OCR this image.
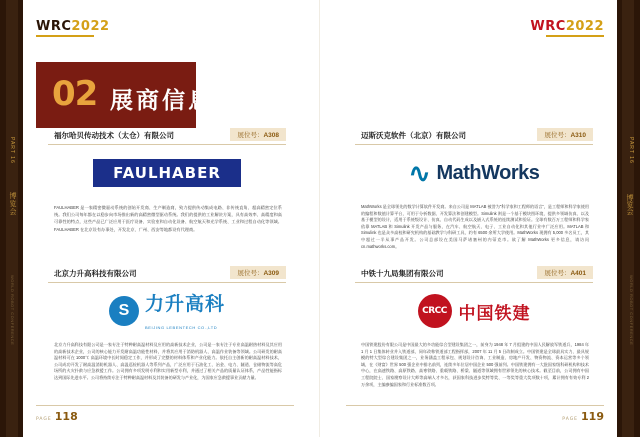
PART 16
博览会
WORLD ROBOT CONFERENCE
PART 16
博览会
WORLD ROBOT CONFERENCE
WRC2022	WRC2022
02 展商信息
福尔哈贝传动技术（太仓）有限公司	展位号：A308
FAULHABER
FAULHABER 是一家精密微驱动系统的创始开发商、生产制造商，致力提供传动集成电路、非传统直角、超高精密定位系统。我们公司每年都在以稳步向市场推出新的高精密微型驱动系统。我们的提供的工业解决方案，具有高效率、高精度和高可靠性的特点，这些产品已广泛应用于医疗设备、实验室和自动化设备、航空航天和光学系统、工业和过程自动化等领域。FAULHABER 在北京设有办事处，开发北京、广州、西安等地都设有代理商。
迈斯沃克软件（北京）有限公司	展位号：A310
∿ MathWorks
MathWorks 是全球领先的数学计算软件开发商。来自公司是 MATLAB 被誉为“科学家和工程师的语言”，是工程师和科学家使用的编程和数值计算平台，可用于分析数据、开发算法和创建模型。Simulink 则是一个基于模块图环境，提供多领域仿真、以及基于模型的设计，适用于系统级设计、仿真、自动代码生成以及嵌入式系统的连续测试和验证。全球有数百万工程师和科学家依靠 MATLAB 和 Simulink 开发产品与服务，在汽车、航空航天、电子、工业自动化和其他行业中广泛应用。MATLAB 和 Simulink 也是众多高校和研究机构的基础教学与科研工具，约有 6500 余所大学使用。MathWorks 现拥有 5,000 多名员工，其中超过一半从事产品开发。公司总部设在美国马萨诸塞州的内蒂克市。欲了解 MathWorks 更多信息，请访问 cn.mathworks.com。
北京力升高科技有限公司	展位号：A309
S 力升高科
BEIJING LEBENTECH CO.,LTD
北京力升高科技有限公司是一家专注于特种耐高温材料及应用的高新技术企业，公司是一家专注于专业高温耐热材料及其应用的高新技术企业，公司的核心能力开发耐高温功能性材料，并将其应用于消防机器人、高温作业装备等领域。公司研发的耐高温材料可在 1000℃ 高温环境中长时间稳定工作，并形成了完整的材料体系和产业化能力。依托自主创新的耐高温材料技术，公司成功开发了耐高温消防机器人、高温巡检机器人等系列产品，广泛应用于石油化工、冶金、电力、隧道、仓储物流等高危场所的火灾扑救与应急救援工作。公司拥有多项发明专利和实用新型专利，并通过了相关产品的质量认证体系，产品性能指标达到国际先进水平。公司将持续专注于特种耐高温材料及其装备的研发与产业化，为国家应急救援事业贡献力量。
中铁十九局集团有限公司	展位号：A401
CRCC 中国铁建
中国铁建股份有限公司是中国最大的多功能综合型建设集团之一，前身为 1948 年 7 月组建的中国人民解放军铁道兵，1984 年 1 月 1 日集体转业并入铁道部，同年改称铁道部工程指挥部，2007 年 11 月 5 日改制成立。中国铁建是全球最具实力、最具规模的特大型综合建设集团之一，业务涵盖工程承包、规划设计咨询、工业制造、房地产开发、物资物流、资本运营等多个领域，在《财富》世界 500 强企业中排名前列，连续多年位居中国企业 500 强前列。中国铁建拥有一大批国家级科研机构和技术中心，在高速铁路、高原铁路、高寒铁路、重载铁路、桥梁、隧道等领域拥有世界领先的核心技术。截至目前，公司拥有中国工程院院士、国家勘察设计大师等高端人才多名，获国家科技进步奖特等奖、一等奖等重大奖项数十项，累计拥有有效专利 2 万余项，主编参编国家和行业标准数百项。
PAGE 118	PAGE 119
